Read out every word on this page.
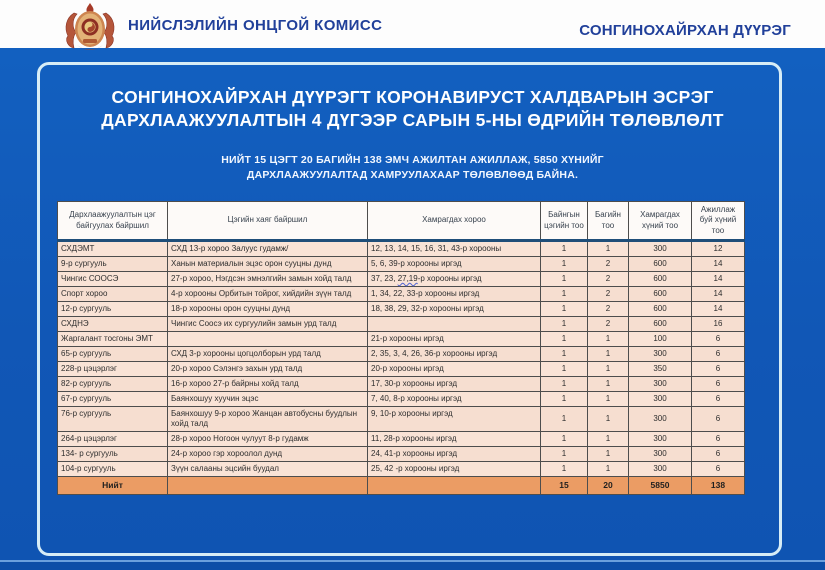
НИЙСЛЭЛИЙН ОНЦГОЙ КОМИСС	СОНГИНОХАЙРХАН ДҮҮРЭГ
СОНГИНОХАЙРХАН ДҮҮРЭГТ КОРОНАВИРУСТ ХАЛДВАРЫН ЭСРЭГ
ДАРХЛААЖУУЛАЛТЫН 4 ДҮГЭЭР САРЫН 5-НЫ ӨДРИЙН ТӨЛӨВЛӨЛТ
НИЙТ 15 ЦЭГТ 20 БАГИЙН 138 ЭМЧ АЖИЛТАН АЖИЛЛАЖ, 5850 ХҮНИЙГ
ДАРХЛААЖУУЛАЛТАД ХАМРУУЛАХААР ТӨЛӨВЛӨӨД БАЙНА.
Дархлаажуулалтын цэг байгуулах байршил	Цэгийн хаяг байршил	Хамрагдах хороо	Байнгын цэгийн тоо	Багийн тоо	Хамрагдах хүний тоо	Ажиллаж буй хүний тоо
СХДЭМТ	СХД 13-р хороо Залуус гудамж/	12, 13, 14, 15, 16, 31, 43-р хорооны	1	1	300	12
9-р сургууль	Ханын материалын эцэс орон сууцны дунд	5, 6, 39-р хорооны иргэд	1	2	600	14
Чингис СООСЭ	27-р хороо, Нэгдсэн эмнэлгийн замын хойд талд	37, 23, 27,19-р хорооны иргэд	1	2	600	14
Спорт хороо	4-р хорооны Орбитын тойрог, хийдийн зүүн талд	1, 34, 22, 33-р хорооны иргэд	1	2	600	14
12-р сургууль	18-р хорооны орон сууцны дунд	18, 38, 29, 32-р хорооны иргэд	1	2	600	14
СХДНЭ	Чингис Соосэ их сургуулийн замын урд талд		1	2	600	16
Жаргалант тосгоны ЭМТ		21-р хорооны иргэд	1	1	100	6
65-р сургууль	СХД 3-р хорооны цогцолборын урд талд	2, 35, 3, 4, 26, 36-р хорооны иргэд	1	1	300	6
228-р цэцэрлэг	20-р хороо Сэлэнгэ захын урд талд	20-р хорооны иргэд	1	1	350	6
82-р сургууль	16-р хороо 27-р байрны хойд талд	17, 30-р хорооны иргэд	1	1	300	6
67-р сургууль	Баянхошуу хуучин эцэс	7, 40, 8-р хорооны иргэд	1	1	300	6
76-р сургууль	Баянхошуу 9-р хороо Жанцан автобусны буудлын хойд талд	9, 10-р хорооны иргэд	1	1	300	6
264-р цэцэрлэг	28-р хороо Ногоон чулуут 8-р гудамж	11, 28-р хорооны иргэд	1	1	300	6
134- р сургууль	24-р хороо гэр хороолол дунд	24, 41-р хорооны иргэд	1	1	300	6
104-р сургууль	Зүүн салааны эцсийн буудал	25, 42 -р хорооны иргэд	1	1	300	6
Нийт			15	20	5850	138
